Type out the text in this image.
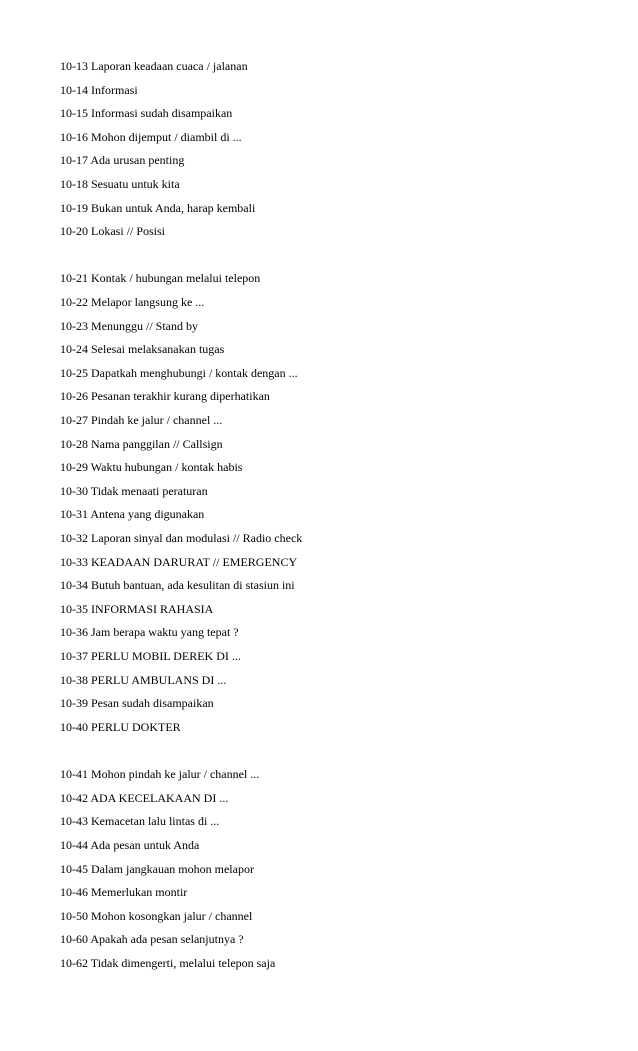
10-13 Laporan keadaan cuaca / jalanan
10-14 Informasi
10-15 Informasi sudah disampaikan
10-16 Mohon dijemput / diambil di ...
10-17 Ada urusan penting
10-18 Sesuatu untuk kita
10-19 Bukan untuk Anda, harap kembali
10-20 Lokasi // Posisi
10-21 Kontak / hubungan melalui telepon
10-22 Melapor langsung ke ...
10-23 Menunggu // Stand by
10-24 Selesai melaksanakan tugas
10-25 Dapatkah menghubungi / kontak dengan ...
10-26 Pesanan terakhir kurang diperhatikan
10-27 Pindah ke jalur / channel ...
10-28 Nama panggilan // Callsign
10-29 Waktu hubungan / kontak habis
10-30 Tidak menaati peraturan
10-31 Antena yang digunakan
10-32 Laporan sinyal dan modulasi // Radio check
10-33 KEADAAN DARURAT // EMERGENCY
10-34 Butuh bantuan, ada kesulitan di stasiun ini
10-35 INFORMASI RAHASIA
10-36 Jam berapa waktu yang tepat ?
10-37 PERLU MOBIL DEREK DI ...
10-38 PERLU AMBULANS DI ...
10-39 Pesan sudah disampaikan
10-40 PERLU DOKTER
10-41 Mohon pindah ke jalur / channel ...
10-42 ADA KECELAKAAN DI ...
10-43 Kemacetan lalu lintas di ...
10-44 Ada pesan untuk Anda
10-45 Dalam jangkauan mohon melapor
10-46 Memerlukan montir
10-50 Mohon kosongkan jalur / channel
10-60 Apakah ada pesan selanjutnya ?
10-62 Tidak dimengerti, melalui telepon saja
